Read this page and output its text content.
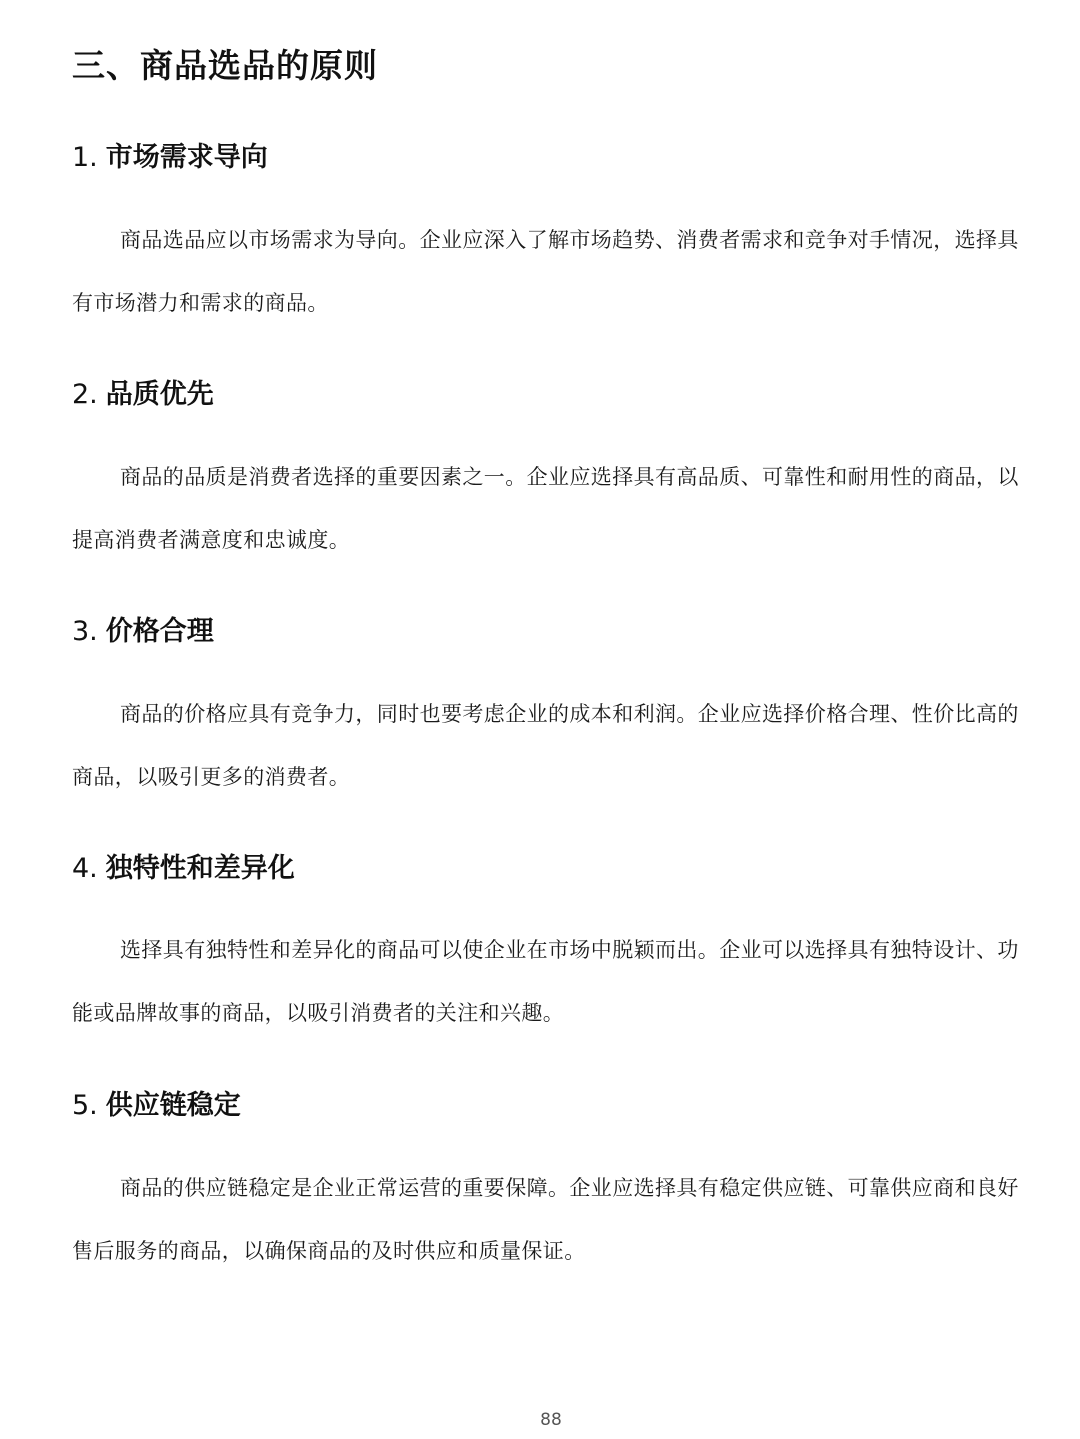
三、商品选品的原则
1. 市场需求导向

商品选品应以市场需求为导向。企业应深入了解市场趋势、消费者需求和竞争对手情况，选择具有市场潜力和需求的商品。

2. 品质优先

商品的品质是消费者选择的重要因素之一。企业应选择具有高品质、可靠性和耐用性的商品，以提高消费者满意度和忠诚度。

3. 价格合理

商品的价格应具有竞争力，同时也要考虑企业的成本和利润。企业应选择价格合理、性价比高的商品，以吸引更多的消费者。

4. 独特性和差异化

选择具有独特性和差异化的商品可以使企业在市场中脱颖而出。企业可以选择具有独特设计、功能或品牌故事的商品，以吸引消费者的关注和兴趣。

5. 供应链稳定

商品的供应链稳定是企业正常运营的重要保障。企业应选择具有稳定供应链、可靠供应商和良好售后服务的商品，以确保商品的及时供应和质量保证。

88
